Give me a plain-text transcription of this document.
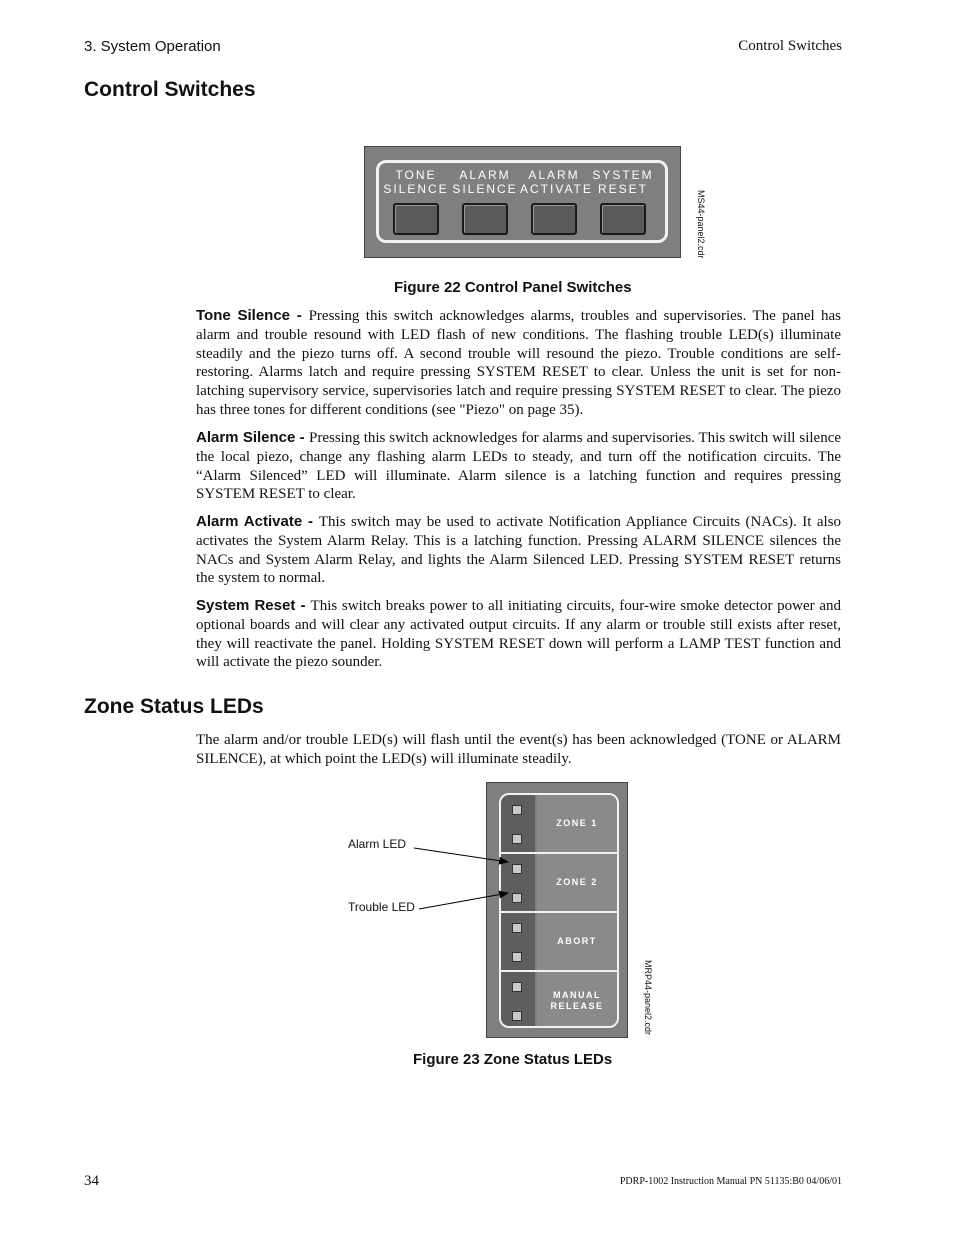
3. System Operation	Control Switches
Control Switches
TONE
SILENCE
ALARM
SILENCE
ALARM
ACTIVATE
SYSTEM
RESET
MS44-panel2.cdr
Figure 22 Control Panel Switches

Tone Silence - Pressing this switch acknowledges alarms, troubles and supervisories. The panel has alarm and trouble resound with LED flash of new conditions. The flashing trouble LED(s) illuminate steadily and the piezo turns off. A second trouble will resound the piezo. Trouble conditions are self-restoring. Alarms latch and require pressing SYSTEM RESET to clear. Unless the unit is set for non-latching supervisory service, supervisories latch and require pressing SYSTEM RESET to clear. The piezo has three tones for different conditions (see "Piezo" on page 35).

Alarm Silence - Pressing this switch acknowledges for alarms and supervisories. This switch will silence the local piezo, change any flashing alarm LEDs to steady, and turn off the notification circuits. The “Alarm Silenced” LED will illuminate. Alarm silence is a latching function and requires pressing SYSTEM RESET to clear.

Alarm Activate - This switch may be used to activate Notification Appliance Circuits (NACs). It also activates the System Alarm Relay. This is a latching function. Pressing ALARM SILENCE silences the NACs and System Alarm Relay, and lights the Alarm Silenced LED. Pressing SYSTEM RESET returns the system to normal.

System Reset - This switch breaks power to all initiating circuits, four-wire smoke detector power and optional boards and will clear any activated output circuits. If any alarm or trouble still exists after reset, they will reactivate the panel. Holding SYSTEM RESET down will perform a LAMP TEST function and will activate the piezo sounder.

Zone Status LEDs

The alarm and/or trouble LED(s) will flash until the event(s) has been acknowledged (TONE or ALARM SILENCE), at which point the LED(s) will illuminate steadily.

ZONE 1
ZONE 2
ABORT
MANUAL
RELEASE	MRP44-panel2.cdr
Alarm LED
Trouble LED
Figure 23 Zone Status LEDs
34	PDRP-1002 Instruction Manual PN 51135:B0 04/06/01
